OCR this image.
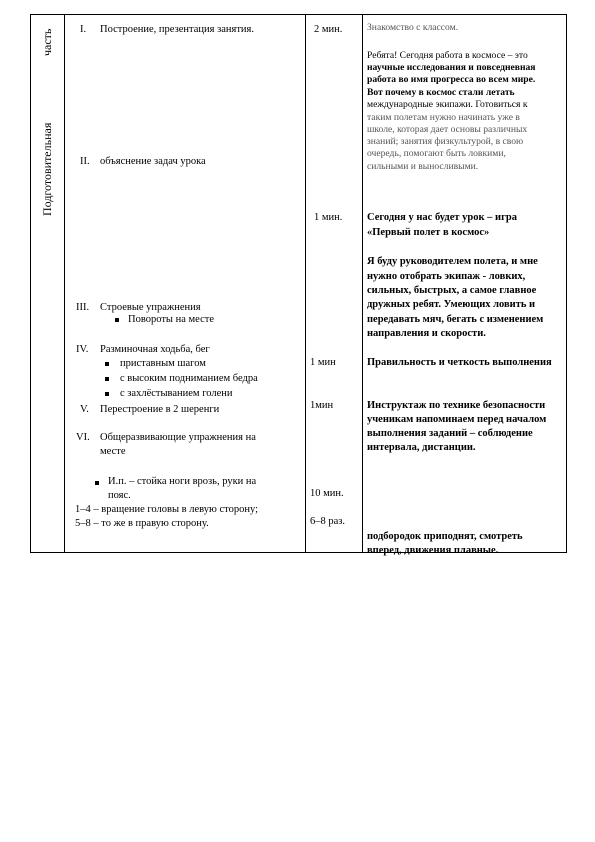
часть
Подготовительная
I. Построение, презентация занятия.
II. объяснение задач урока
III. Строевые упражнения
Повороты на месте
IV. Разминочная ходьба, бег
приставным шагом
с высоким подниманием бедра
с захлёстыванием голени
V. Перестроение в 2 шеренги
VI. Общеразвивающие упражнения на
месте
И.п. – стойка ноги врозь, руки на
пояс.
1–4 – вращение головы в левую сторону;
5–8 – то же в правую сторону.
2 мин.
1 мин.
1 мин
1мин
10 мин.
6–8 раз.
Знакомство с классом.
Ребята! Сегодня работа в космосе – это
научные исследования и повседневная
работа во имя прогресса во всем мире.
Вот почему в космос стали летать
международные экипажи. Готовиться к
таким полетам нужно начинать уже в
школе, которая дает основы различных
знаний; занятия физкультурой, в свою
очередь, помогают быть ловкими,
сильными и выносливыми.
Сегодня у нас будет урок – игра
«Первый полет в космос»
Я буду руководителем полета, и мне
нужно отобрать экипаж - ловких,
сильных, быстрых, а самое главное
дружных ребят. Умеющих ловить и
передавать мяч, бегать с изменением
направления и скорости.
Правильность и четкость выполнения
Инструктаж по технике безопасности
ученикам напоминаем перед началом
выполнения заданий – соблюдение
интервала, дистанции.
подбородок приподнят, смотреть
вперед, движения плавные.
